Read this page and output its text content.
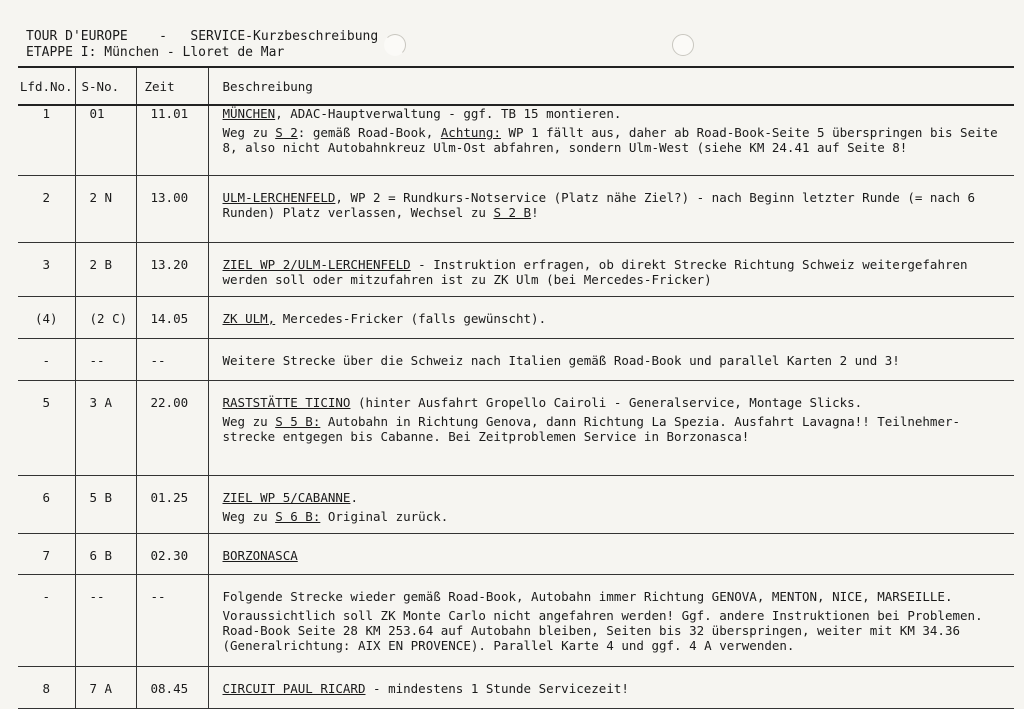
TOUR D'EUROPE - SERVICE-Kurzbeschreibung
ETAPPE I: München - Lloret de Mar
Lfd.No.	S-No.	Zeit	Beschreibung
1	01	11.01	MÜNCHEN, ADAC-Hauptverwaltung - ggf. TB 15 montieren.
Weg zu S 2: gemäß Road-Book, Achtung: WP 1 fällt aus, daher ab Road-Book-Seite 5 überspringen bis Seite 8, also nicht Autobahnkreuz Ulm-Ost abfahren, sondern Ulm-West (siehe KM 24.41 auf Seite 8!

2	2 N	13.00	ULM-LERCHENFELD, WP 2 = Rundkurs-Notservice (Platz nähe Ziel?) - nach Beginn letzter Runde (= nach 6 Runden) Platz verlassen, Wechsel zu S 2 B!

3	2 B	13.20	ZIEL WP 2/ULM-LERCHENFELD - Instruktion erfragen, ob direkt Strecke Richtung Schweiz weitergefahren werden soll oder mitzufahren ist zu ZK Ulm (bei Mercedes-Fricker)

(4)	(2 C)	14.05	ZK ULM, Mercedes-Fricker (falls gewünscht).

-	--	--	Weitere Strecke über die Schweiz nach Italien gemäß Road-Book und parallel Karten 2 und 3!

5	3 A	22.00	RASTSTÄTTE TICINO (hinter Ausfahrt Gropello Cairoli - Generalservice, Montage Slicks.
Weg zu S 5 B: Autobahn in Richtung Genova, dann Richtung La Spezia. Ausfahrt Lavagna!! Teilnehmer-strecke entgegen bis Cabanne. Bei Zeitproblemen Service in Borzonasca!

6	5 B	01.25	ZIEL WP 5/CABANNE.
Weg zu S 6 B: Original zurück.

7	6 B	02.30	BORZONASCA

-	--	--	Folgende Strecke wieder gemäß Road-Book, Autobahn immer Richtung GENOVA, MENTON, NICE, MARSEILLE.
Voraussichtlich soll ZK Monte Carlo nicht angefahren werden! Ggf. andere Instruktionen bei Problemen. Road-Book Seite 28 KM 253.64 auf Autobahn bleiben, Seiten bis 32 überspringen, weiter mit KM 34.36 (Generalrichtung: AIX EN PROVENCE). Parallel Karte 4 und ggf. 4 A verwenden.

8	7 A	08.45	CIRCUIT PAUL RICARD - mindestens 1 Stunde Servicezeit!
